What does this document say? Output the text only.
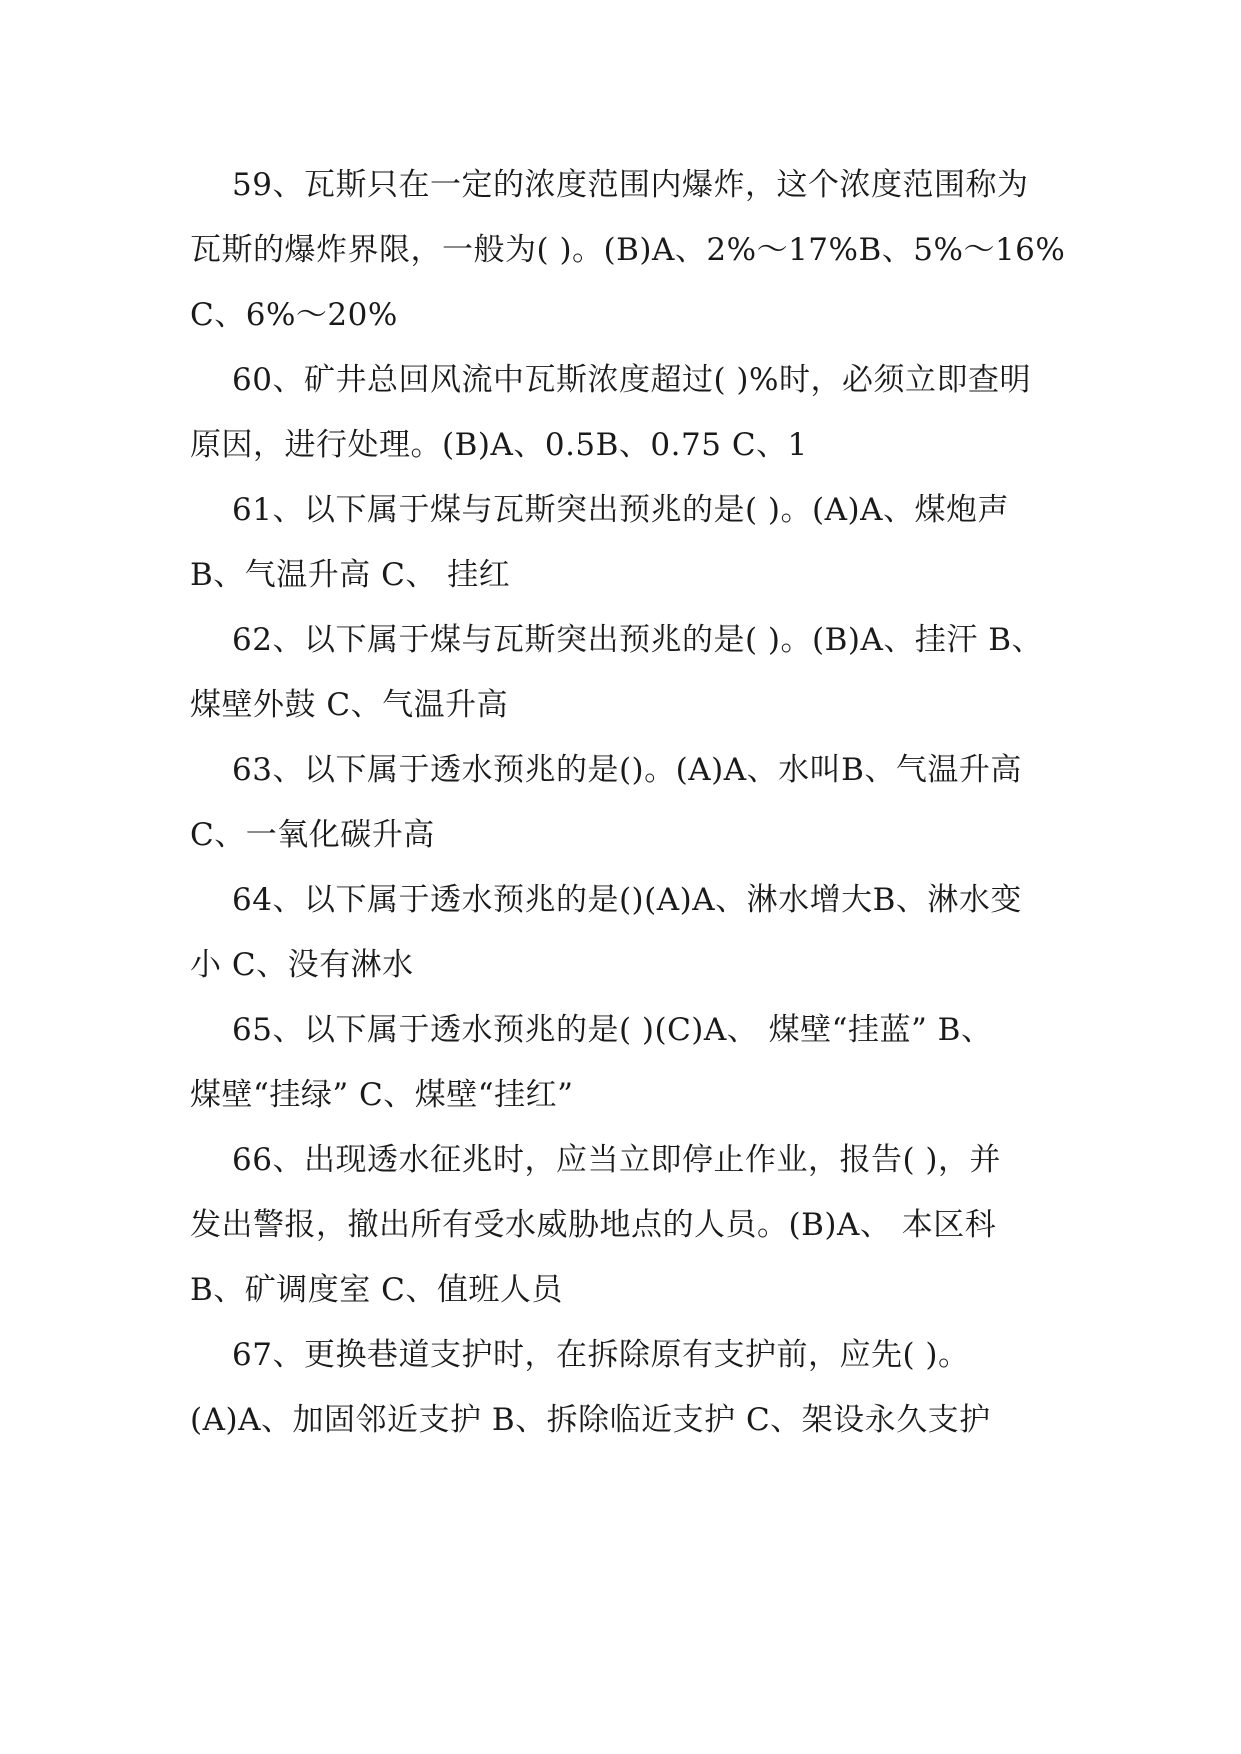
59、瓦斯只在一定的浓度范围内爆炸，这个浓度范围称为
瓦斯的爆炸界限，一般为( )。(B)A、2%～17%B、5%～16%
C、6%～20%
60、矿井总回风流中瓦斯浓度超过( )%时，必须立即查明
原因，进行处理。(B)A、0.5B、0.75 C、1
61、以下属于煤与瓦斯突出预兆的是( )。(A)A、煤炮声
B、气温升高 C、 挂红
62、以下属于煤与瓦斯突出预兆的是( )。(B)A、挂汗 B、
煤壁外鼓 C、气温升高
63、以下属于透水预兆的是()。(A)A、水叫B、气温升高
C、一氧化碳升高
64、以下属于透水预兆的是()(A)A、淋水增大B、淋水变
小 C、没有淋水
65、以下属于透水预兆的是( )(C)A、 煤壁“挂蓝” B、
煤壁“挂绿” C、煤壁“挂红”
66、出现透水征兆时，应当立即停止作业，报告( )，并
发出警报，撤出所有受水威胁地点的人员。(B)A、 本区科
B、矿调度室 C、值班人员
67、更换巷道支护时，在拆除原有支护前，应先( )。
(A)A、加固邻近支护 B、拆除临近支护 C、架设永久支护
